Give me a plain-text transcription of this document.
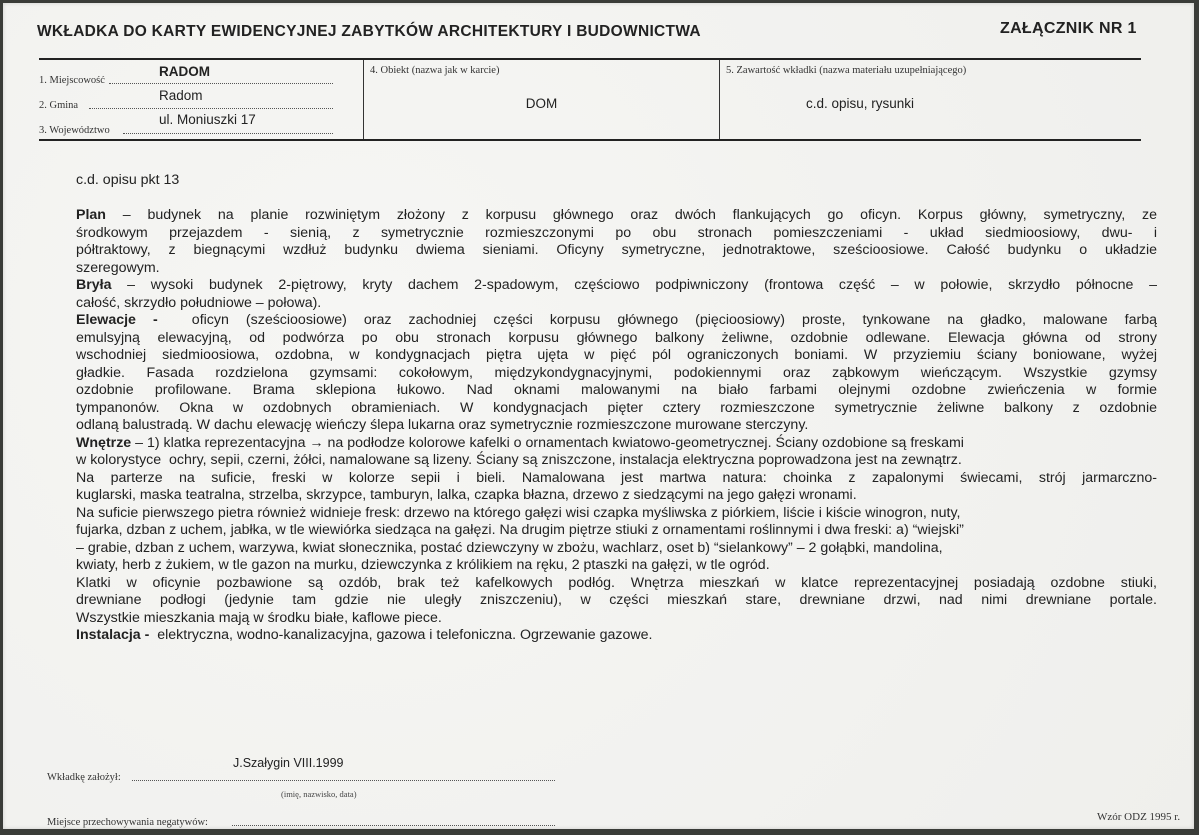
WKŁADKA DO KARTY EWIDENCYJNEJ ZABYTKÓW ARCHITEKTURY I BUDOWNICTWA	ZAŁĄCZNIK NR 1
RADOM
1. Miejscowość
Radom
2. Gmina
ul. Moniuszki 17
3. Województwo
4. Obiekt (nazwa jak w karcie)
DOM
5. Zawartość wkładki (nazwa materiału uzupełniającego)
c.d. opisu, rysunki
c.d. opisu pkt 13
Plan – budynek na planie rozwiniętym złożony z korpusu głównego oraz dwóch flankujących go oficyn. Korpus główny, symetryczny, ze
środkowym przejazdem - sienią, z symetrycznie rozmieszczonymi po obu stronach pomieszczeniami - układ siedmioosiowy, dwu- i
półtraktowy, z biegnącymi wzdłuż budynku dwiema sieniami. Oficyny symetryczne, jednotraktowe, sześcioosiowe. Całość budynku o układzie
szeregowym.
Bryła – wysoki budynek 2-piętrowy, kryty dachem 2-spadowym, częściowo podpiwniczony (frontowa część – w połowie, skrzydło północne –
całość, skrzydło południowe – połowa).
Elewacje -  oficyn (sześcioosiowe) oraz zachodniej części korpusu głównego (pięcioosiowy) proste, tynkowane na gładko, malowane farbą
emulsyjną elewacyjną, od podwórza po obu stronach korpusu głównego balkony żeliwne, ozdobnie odlewane. Elewacja główna od strony
wschodniej siedmioosiowa, ozdobna, w kondygnacjach piętra ujęta w pięć pól ograniczonych boniami. W przyziemiu ściany boniowane, wyżej
gładkie. Fasada rozdzielona gzymsami: cokołowym, międzykondygnacyjnymi, podokiennymi oraz ząbkowym wieńczącym. Wszystkie gzymsy
ozdobnie profilowane. Brama sklepiona łukowo. Nad oknami malowanymi na biało farbami olejnymi ozdobne zwieńczenia w formie
tympanonów. Okna w ozdobnych obramieniach. W kondygnacjach pięter cztery rozmieszczone symetrycznie żeliwne balkony z ozdobnie
odlaną balustradą. W dachu elewację wieńczy ślepa lukarna oraz symetrycznie rozmieszczone murowane sterczyny.
Wnętrze – 1) klatka reprezentacyjna → na podłodze kolorowe kafelki o ornamentach kwiatowo-geometrycznej. Ściany ozdobione są freskami
w kolorystyce  ochry, sepii, czerni, żółci, namalowane są lizeny. Ściany są zniszczone, instalacja elektryczna poprowadzona jest na zewnątrz.
Na parterze na suficie, freski w kolorze sepii i bieli. Namalowana jest martwa natura: choinka z zapalonymi świecami, strój jarmarczno-
kuglarski, maska teatralna, strzelba, skrzypce, tamburyn, lalka, czapka błazna, drzewo z siedzącymi na jego gałęzi wronami.
Na suficie pierwszego pietra również widnieje fresk: drzewo na którego gałęzi wisi czapka myśliwska z piórkiem, liście i kiście winogron, nuty,
fujarka, dzban z uchem, jabłka, w tle wiewiórka siedząca na gałęzi. Na drugim piętrze stiuki z ornamentami roślinnymi i dwa freski: a) “wiejski”
– grabie, dzban z uchem, warzywa, kwiat słonecznika, postać dziewczyny w zbożu, wachlarz, oset b) “sielankowy” – 2 gołąbki, mandolina,
kwiaty, herb z żukiem, w tle gazon na murku, dziewczynka z królikiem na ręku, 2 ptaszki na gałęzi, w tle ogród.
Klatki w oficynie pozbawione są ozdób, brak też kafelkowych podłóg. Wnętrza mieszkań w klatce reprezentacyjnej posiadają ozdobne stiuki,
drewniane podłogi (jedynie tam gdzie nie uległy zniszczeniu), w części mieszkań stare, drewniane drzwi, nad nimi drewniane portale.
Wszystkie mieszkania mają w środku białe, kaflowe piece.
Instalacja -  elektryczna, wodno-kanalizacyjna, gazowa i telefoniczna. Ogrzewanie gazowe.
J.Szałygin VIII.1999
Wkładkę założył:
(imię, nazwisko, data)
Miejsce przechowywania negatywów:	Wzór ODZ 1995 r.
